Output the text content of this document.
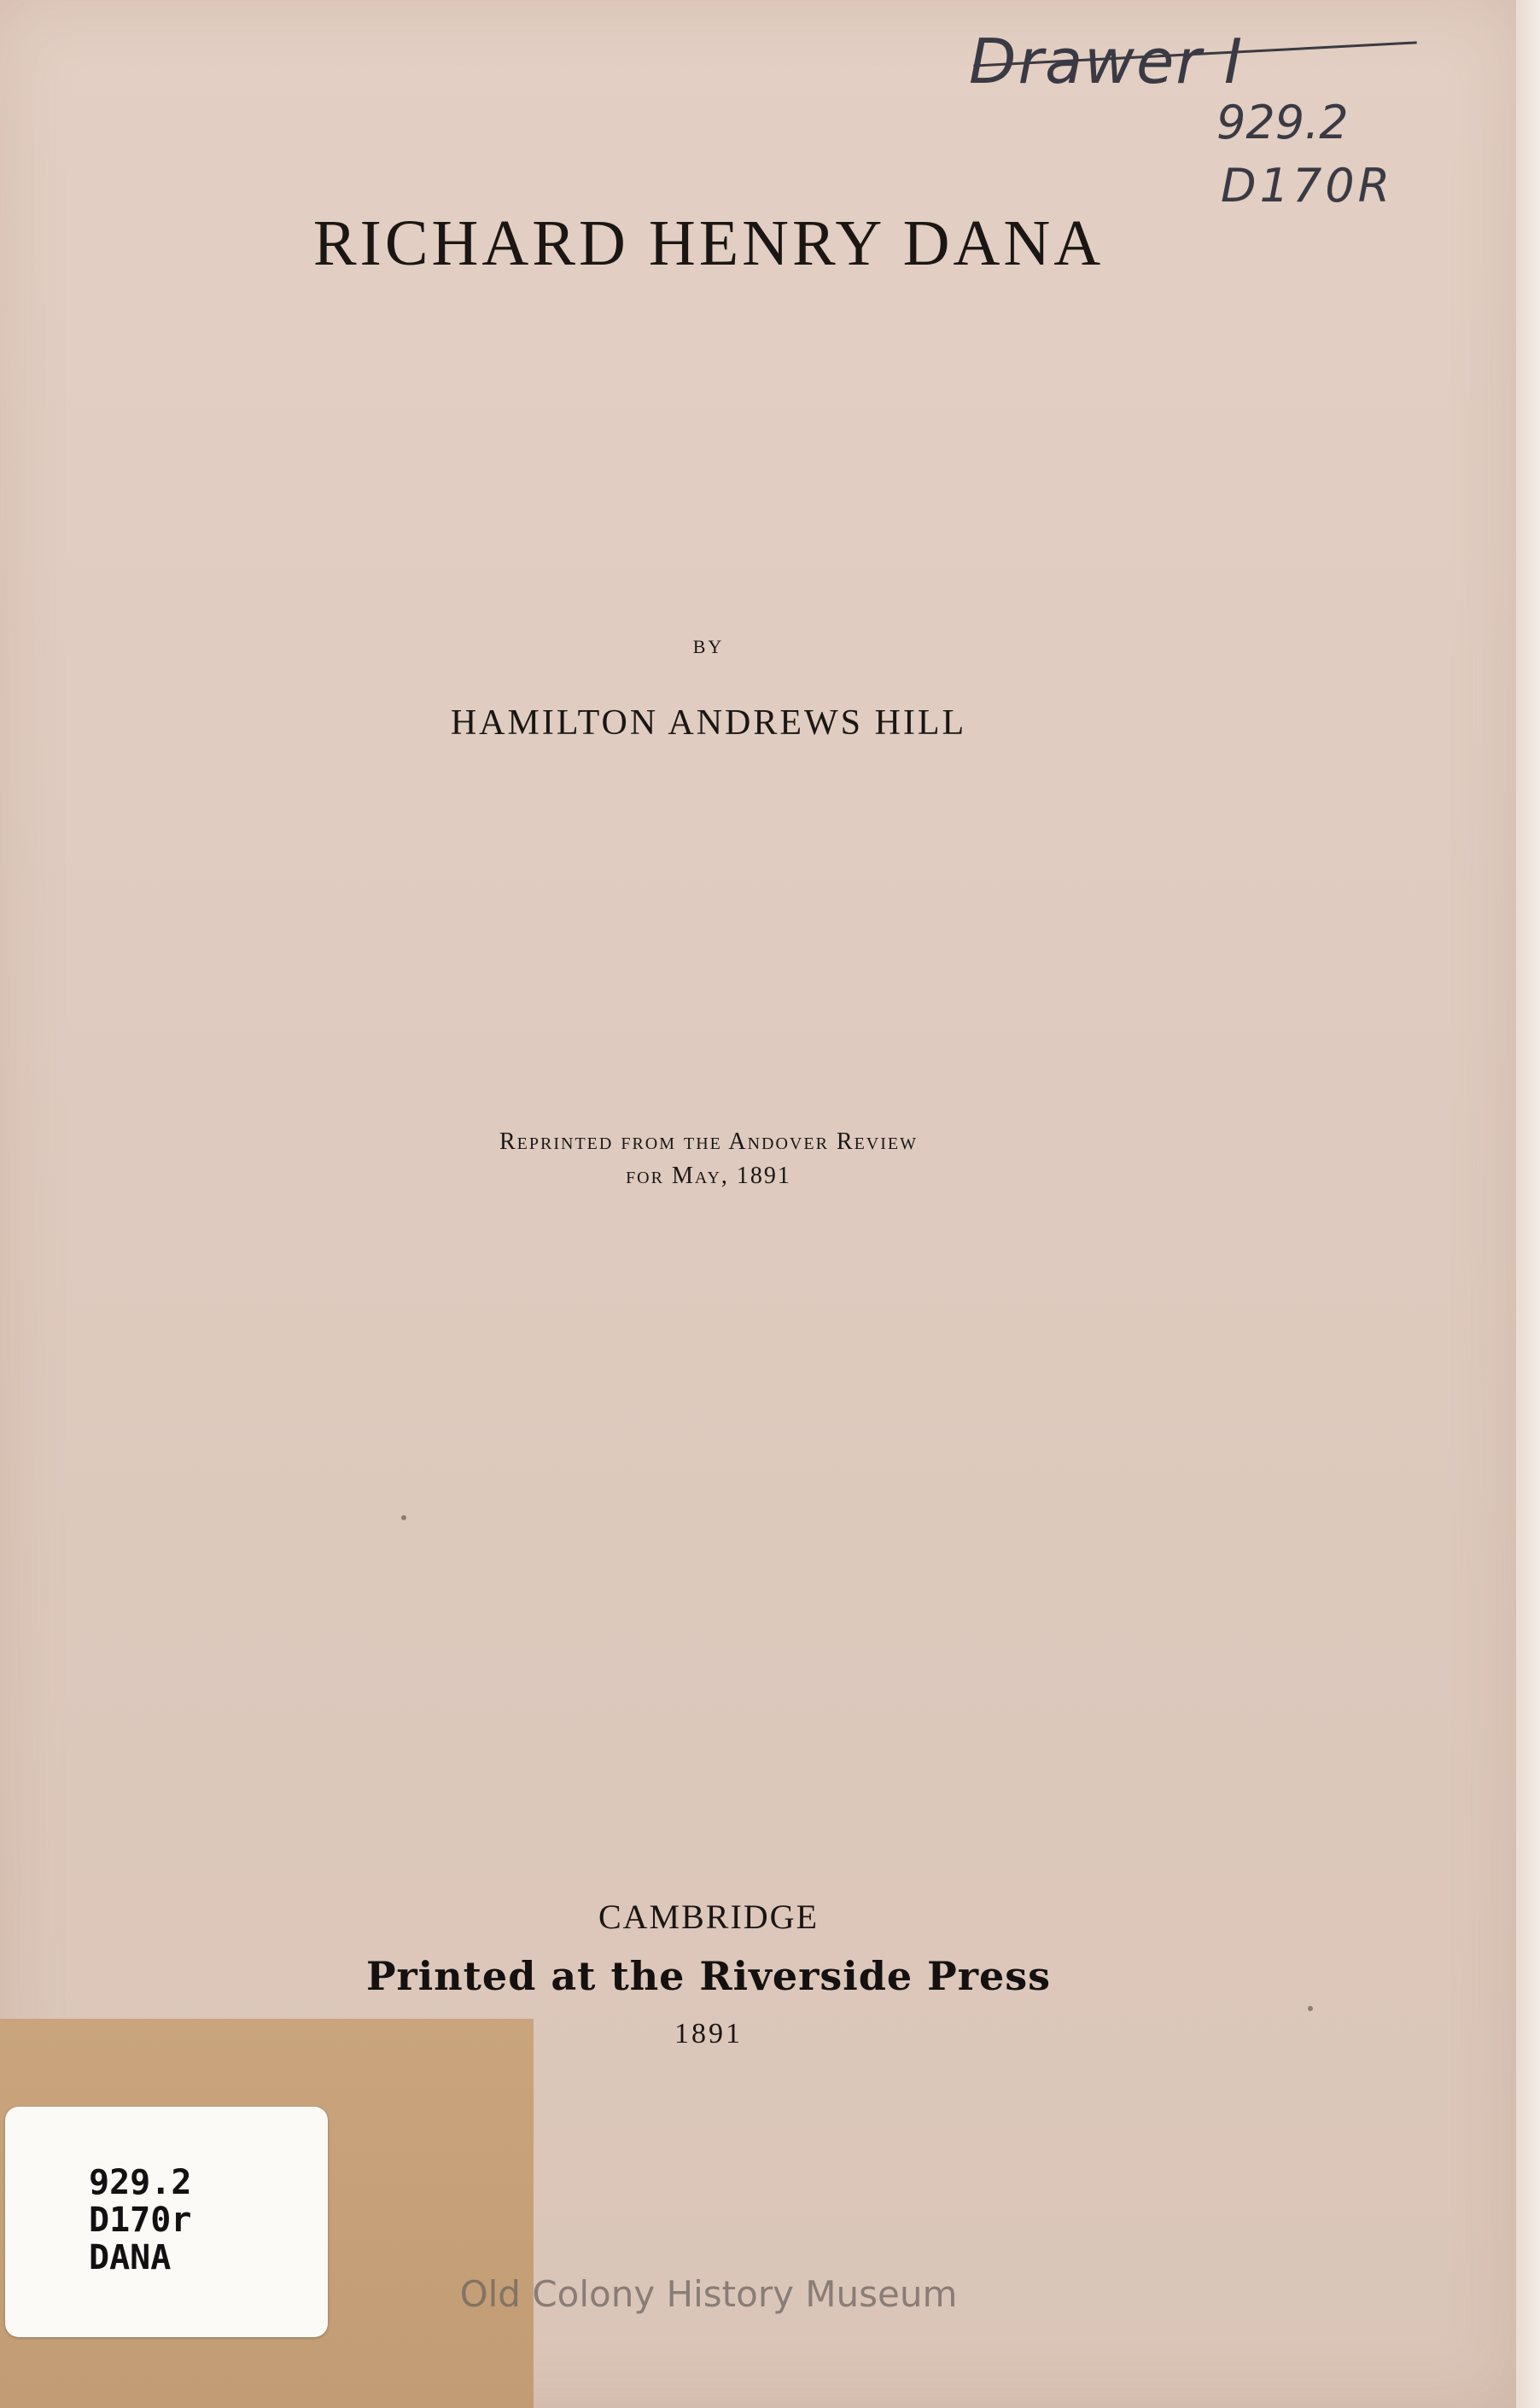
Drawer I
929.2
D170R
RICHARD HENRY DANA
BY
HAMILTON ANDREWS HILL
Reprinted from the Andover Review
for May, 1891
CAMBRIDGE
Printed at the Riverside Press
1891
929.2
D170r
DANA
Old Colony History Museum
